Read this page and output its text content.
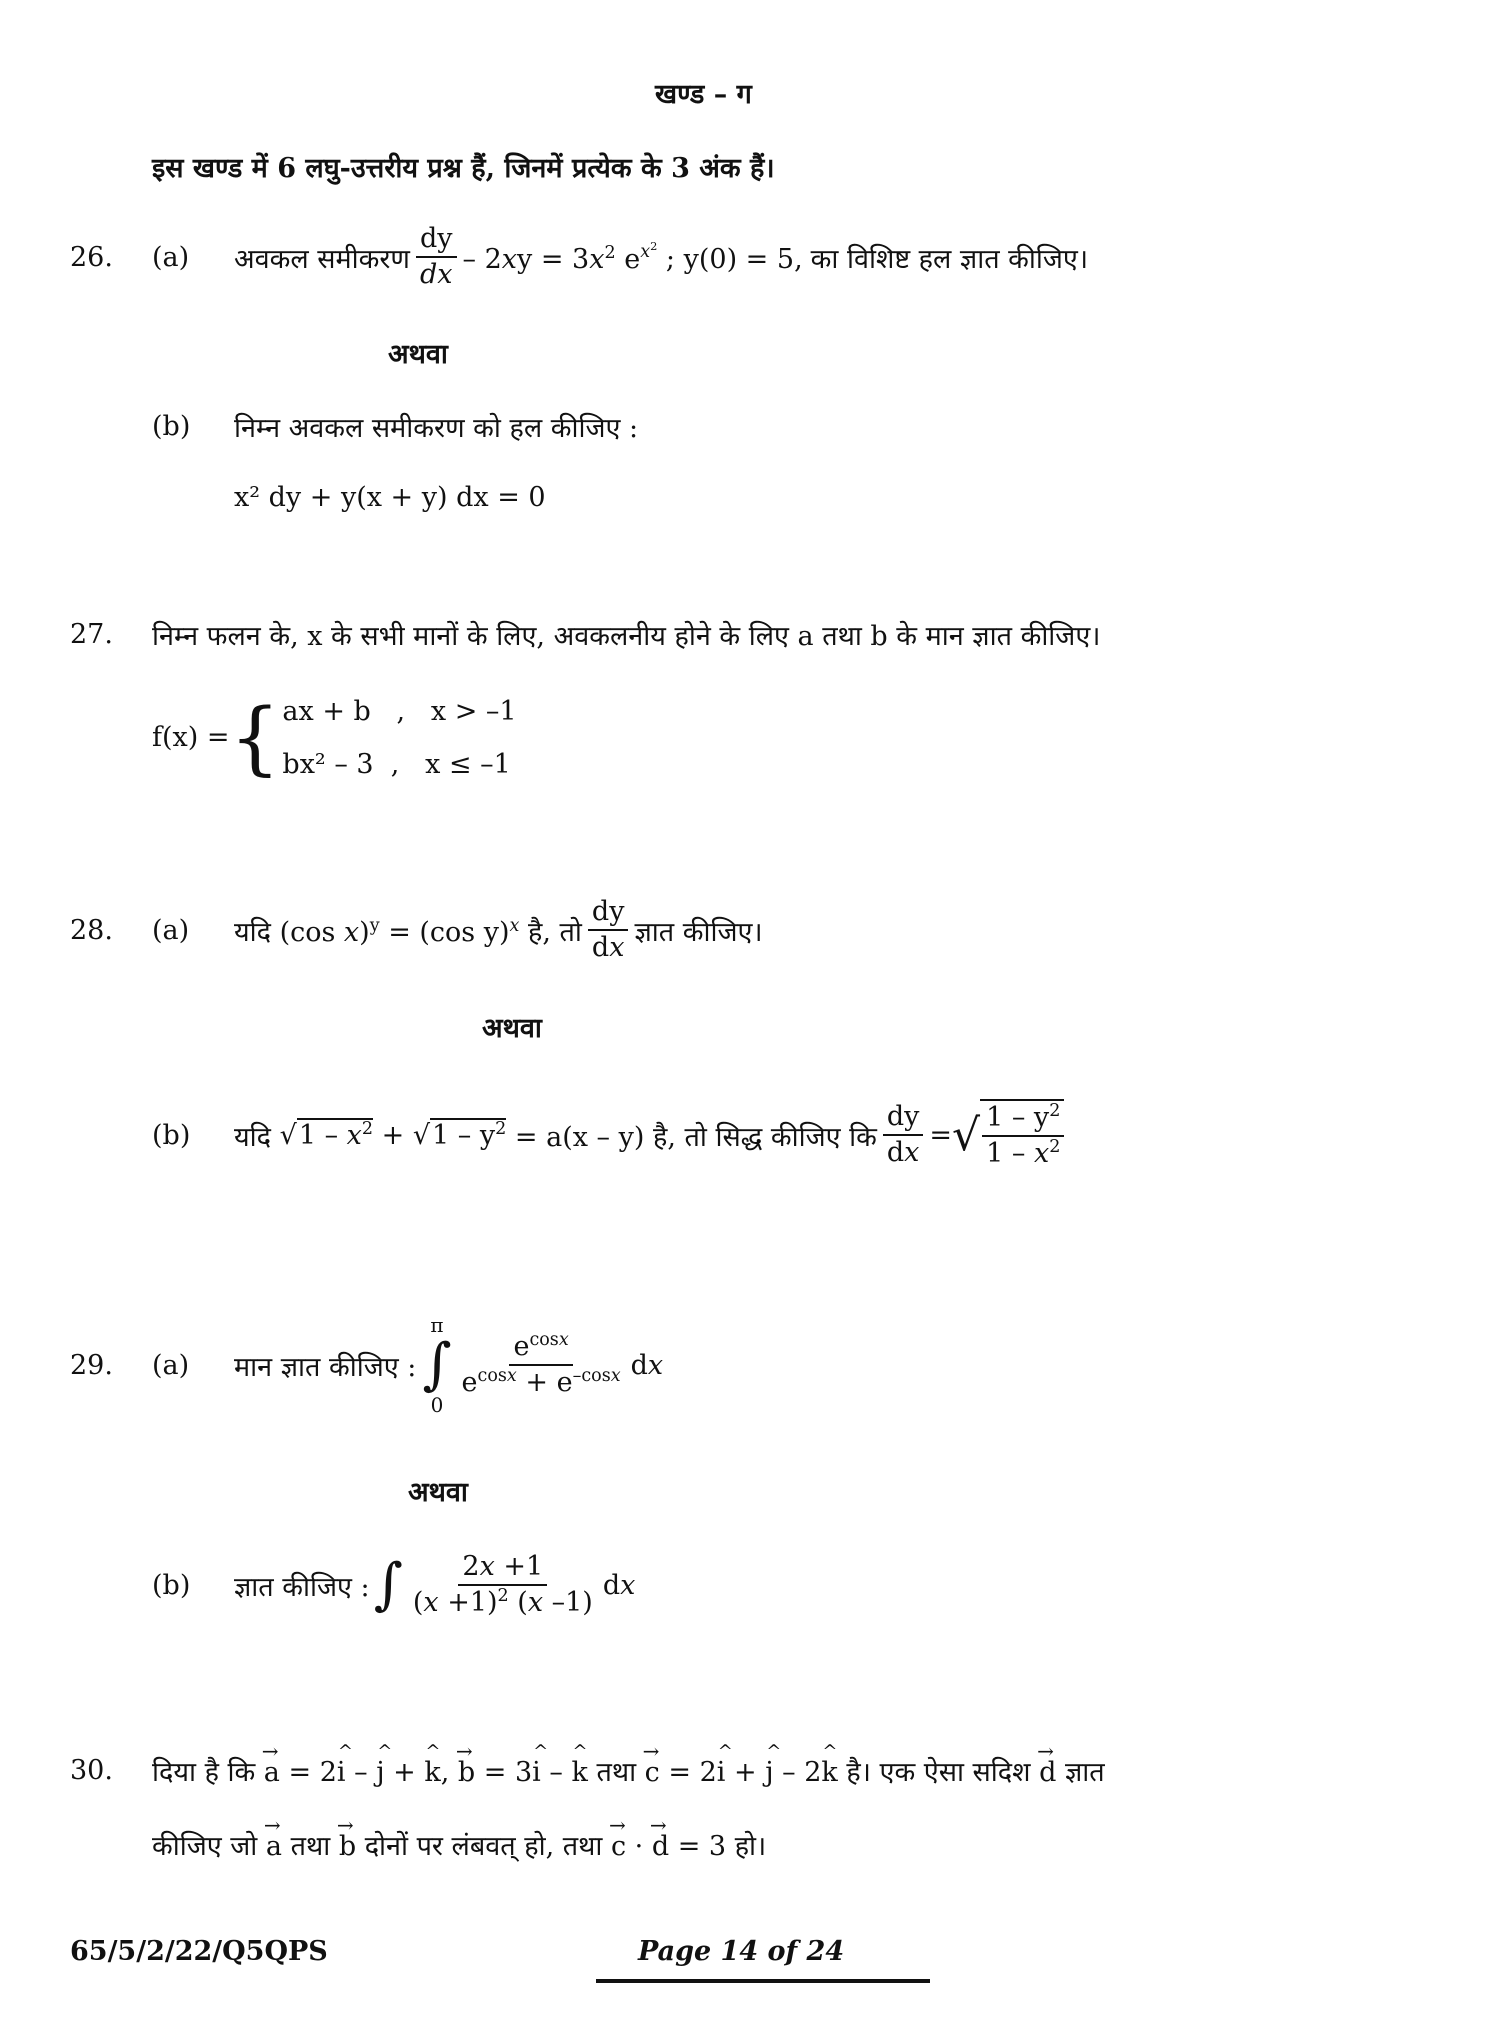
खण्ड – ग
इस खण्ड में 6 लघु-उत्तरीय प्रश्न हैं, जिनमें प्रत्येक के 3 अंक हैं।
26.	(a)	अवकल समीकरण $\frac{dy}{dx} - 2xy = 3x^2$ $e^{x^2}$ ; y(0) = 5, का विशिष्ट हल ज्ञात कीजिए।
अथवा
(b)	निम्न अवकल समीकरण को हल कीजिए :
x² dy + y(x + y) dx = 0
27.	निम्न फलन के, x के सभी मानों के लिए, अवकलनीय होने के लिए a तथा b के मान ज्ञात कीजिए।
f(x) = { ax + b   ,   x > –1
bx² – 3  ,   x ≤ –1
28.	(a)	यदि (cos x)$^y$ = (cos y)$^x$ है, तो $\frac{dy}{dx}$ ज्ञात कीजिए।
अथवा
(b)	यदि
$√1 - x^2 + √1 - y^2$
= a(x – y) है, तो सिद्ध कीजिए कि $\frac{dy}{dx}$ = √ $\frac{1 - y^2}{1 - x^2}$
29.	(a)	मान ज्ञात कीजिए :
π
∫
0
$\frac{e^{cosx}}{e^{cosx} + e^{-cosx}}$ dx
अथवा
(b)	ज्ञात कीजिए : ∫ $\frac{2x +1}{(x +1)^2 (x -1)}$ dx
30.	दिया है कि → a = 2^ i – ^ j + ^ k, → b = 3^ i – ^ k तथा → c = 2^ i + ^ j – 2^ k है। एक ऐसा सदिश → d ज्ञात
कीजिए जो → a तथा → b दोनों पर लंबवत् हो, तथा → c · → d = 3 हो।
65/5/2/22/Q5QPS	Page 14 of 24
